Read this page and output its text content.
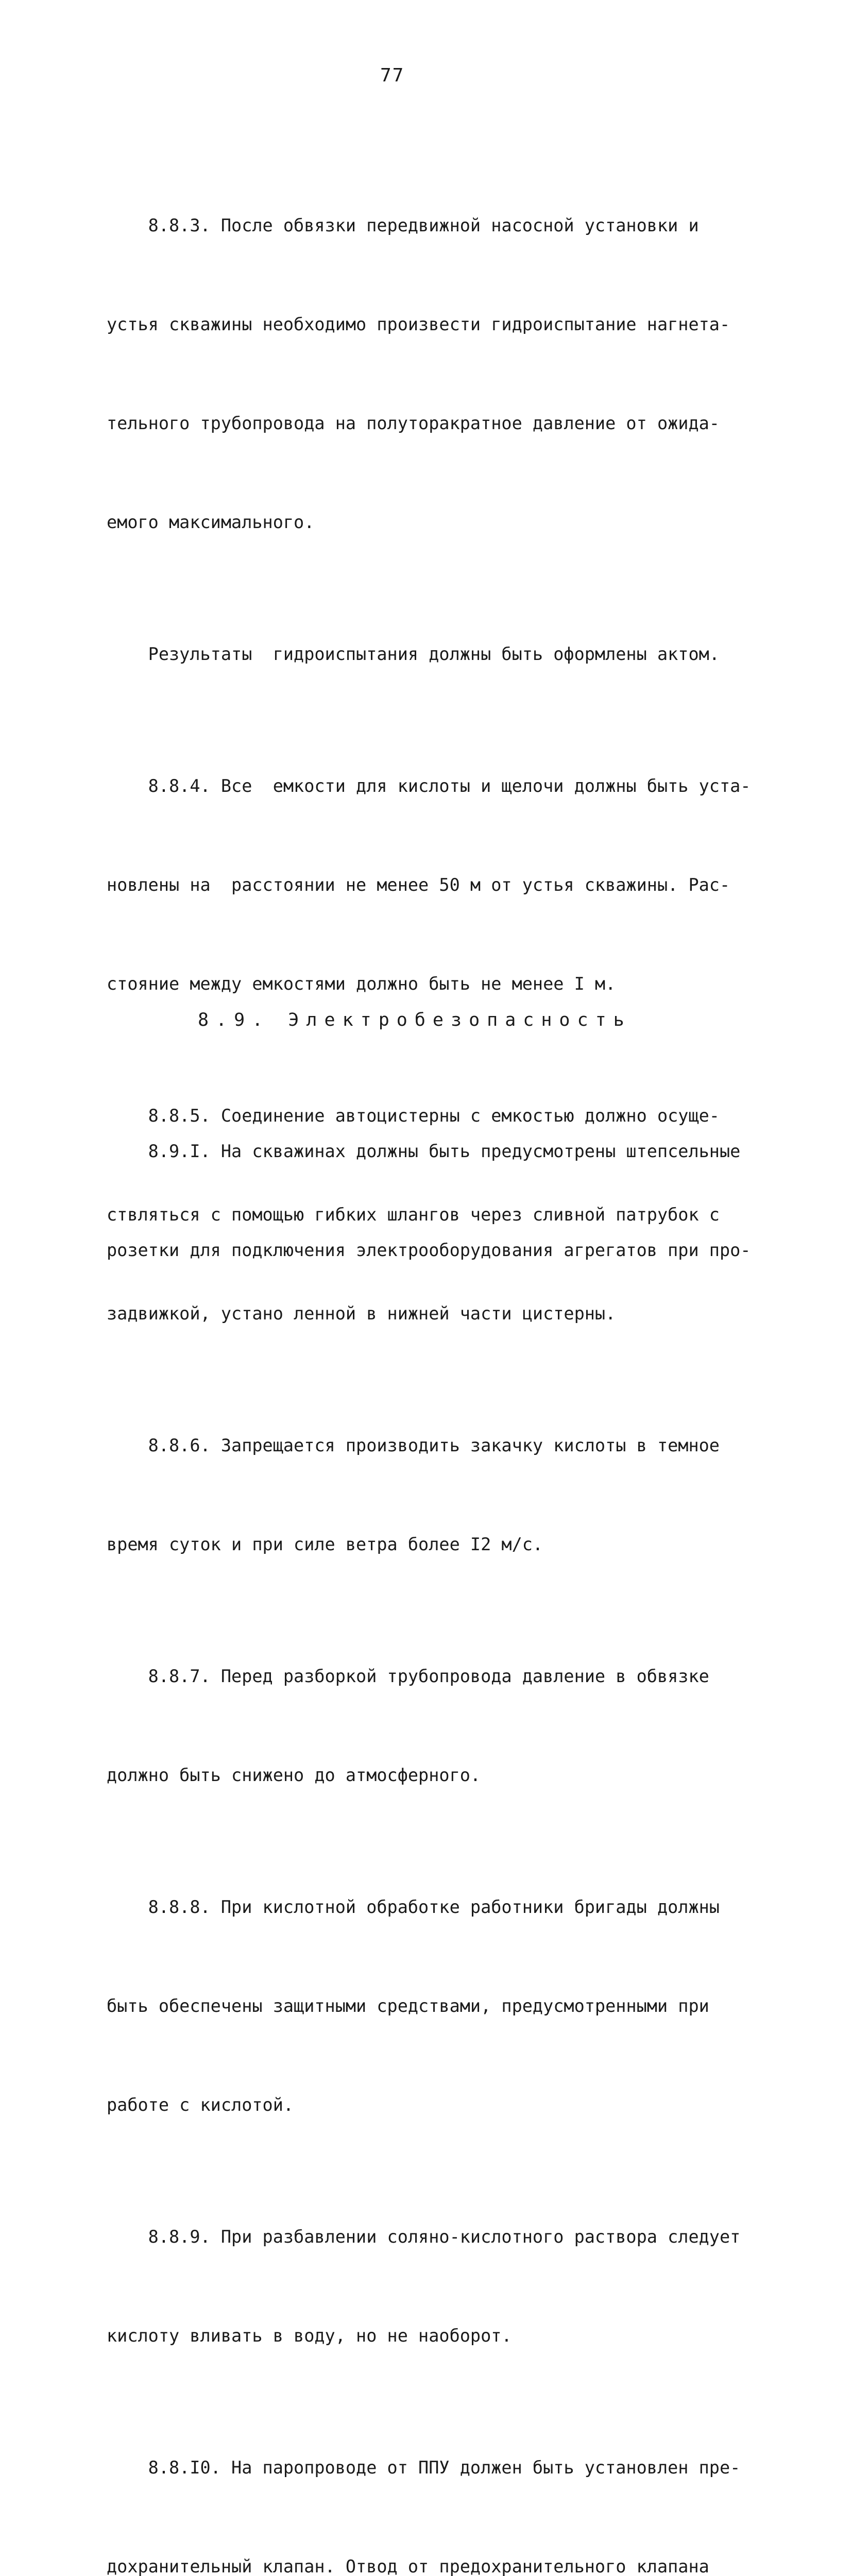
77

8.8.3. После обвязки передвижной насосной установки и

устья скважины необходимо произвести гидроиспытание нагнета-

тельного трубопровода на полуторакратное давление от ожида-

емого максимального.

Результаты  гидроиспытания должны быть оформлены актом.

8.8.4. Все  емкости для кислоты и щелочи должны быть уста-

новлены на  расстоянии не менее 50 м от устья скважины. Рас-

стояние между емкостями должно быть не менее I м.

8.8.5. Соединение автоцистерны с емкостью должно осуще-

ствляться с помощью гибких шлангов через сливной патрубок с

задвижкой, устано ленной в нижней части цистерны.

8.8.6. Запрещается производить закачку кислоты в темное

время суток и при силе ветра более I2 м/с.

8.8.7. Перед разборкой трубопровода давление в обвязке

должно быть снижено до атмосферного.

8.8.8. При кислотной обработке работники бригады должны

быть обеспечены защитными средствами, предусмотренными при

работе с кислотой.

8.8.9. При разбавлении соляно-кислотного раствора следует

кислоту вливать в воду, но не наоборот.

8.8.I0. На паропроводе от ППУ должен быть установлен пре-

дохранительный клапан. Отвод от предохранительного клапана

8.9. Электробезопасность

8.9.I. На скважинах должны быть предусмотрены штепсельные

розетки для подключения электрооборудования агрегатов при про-
